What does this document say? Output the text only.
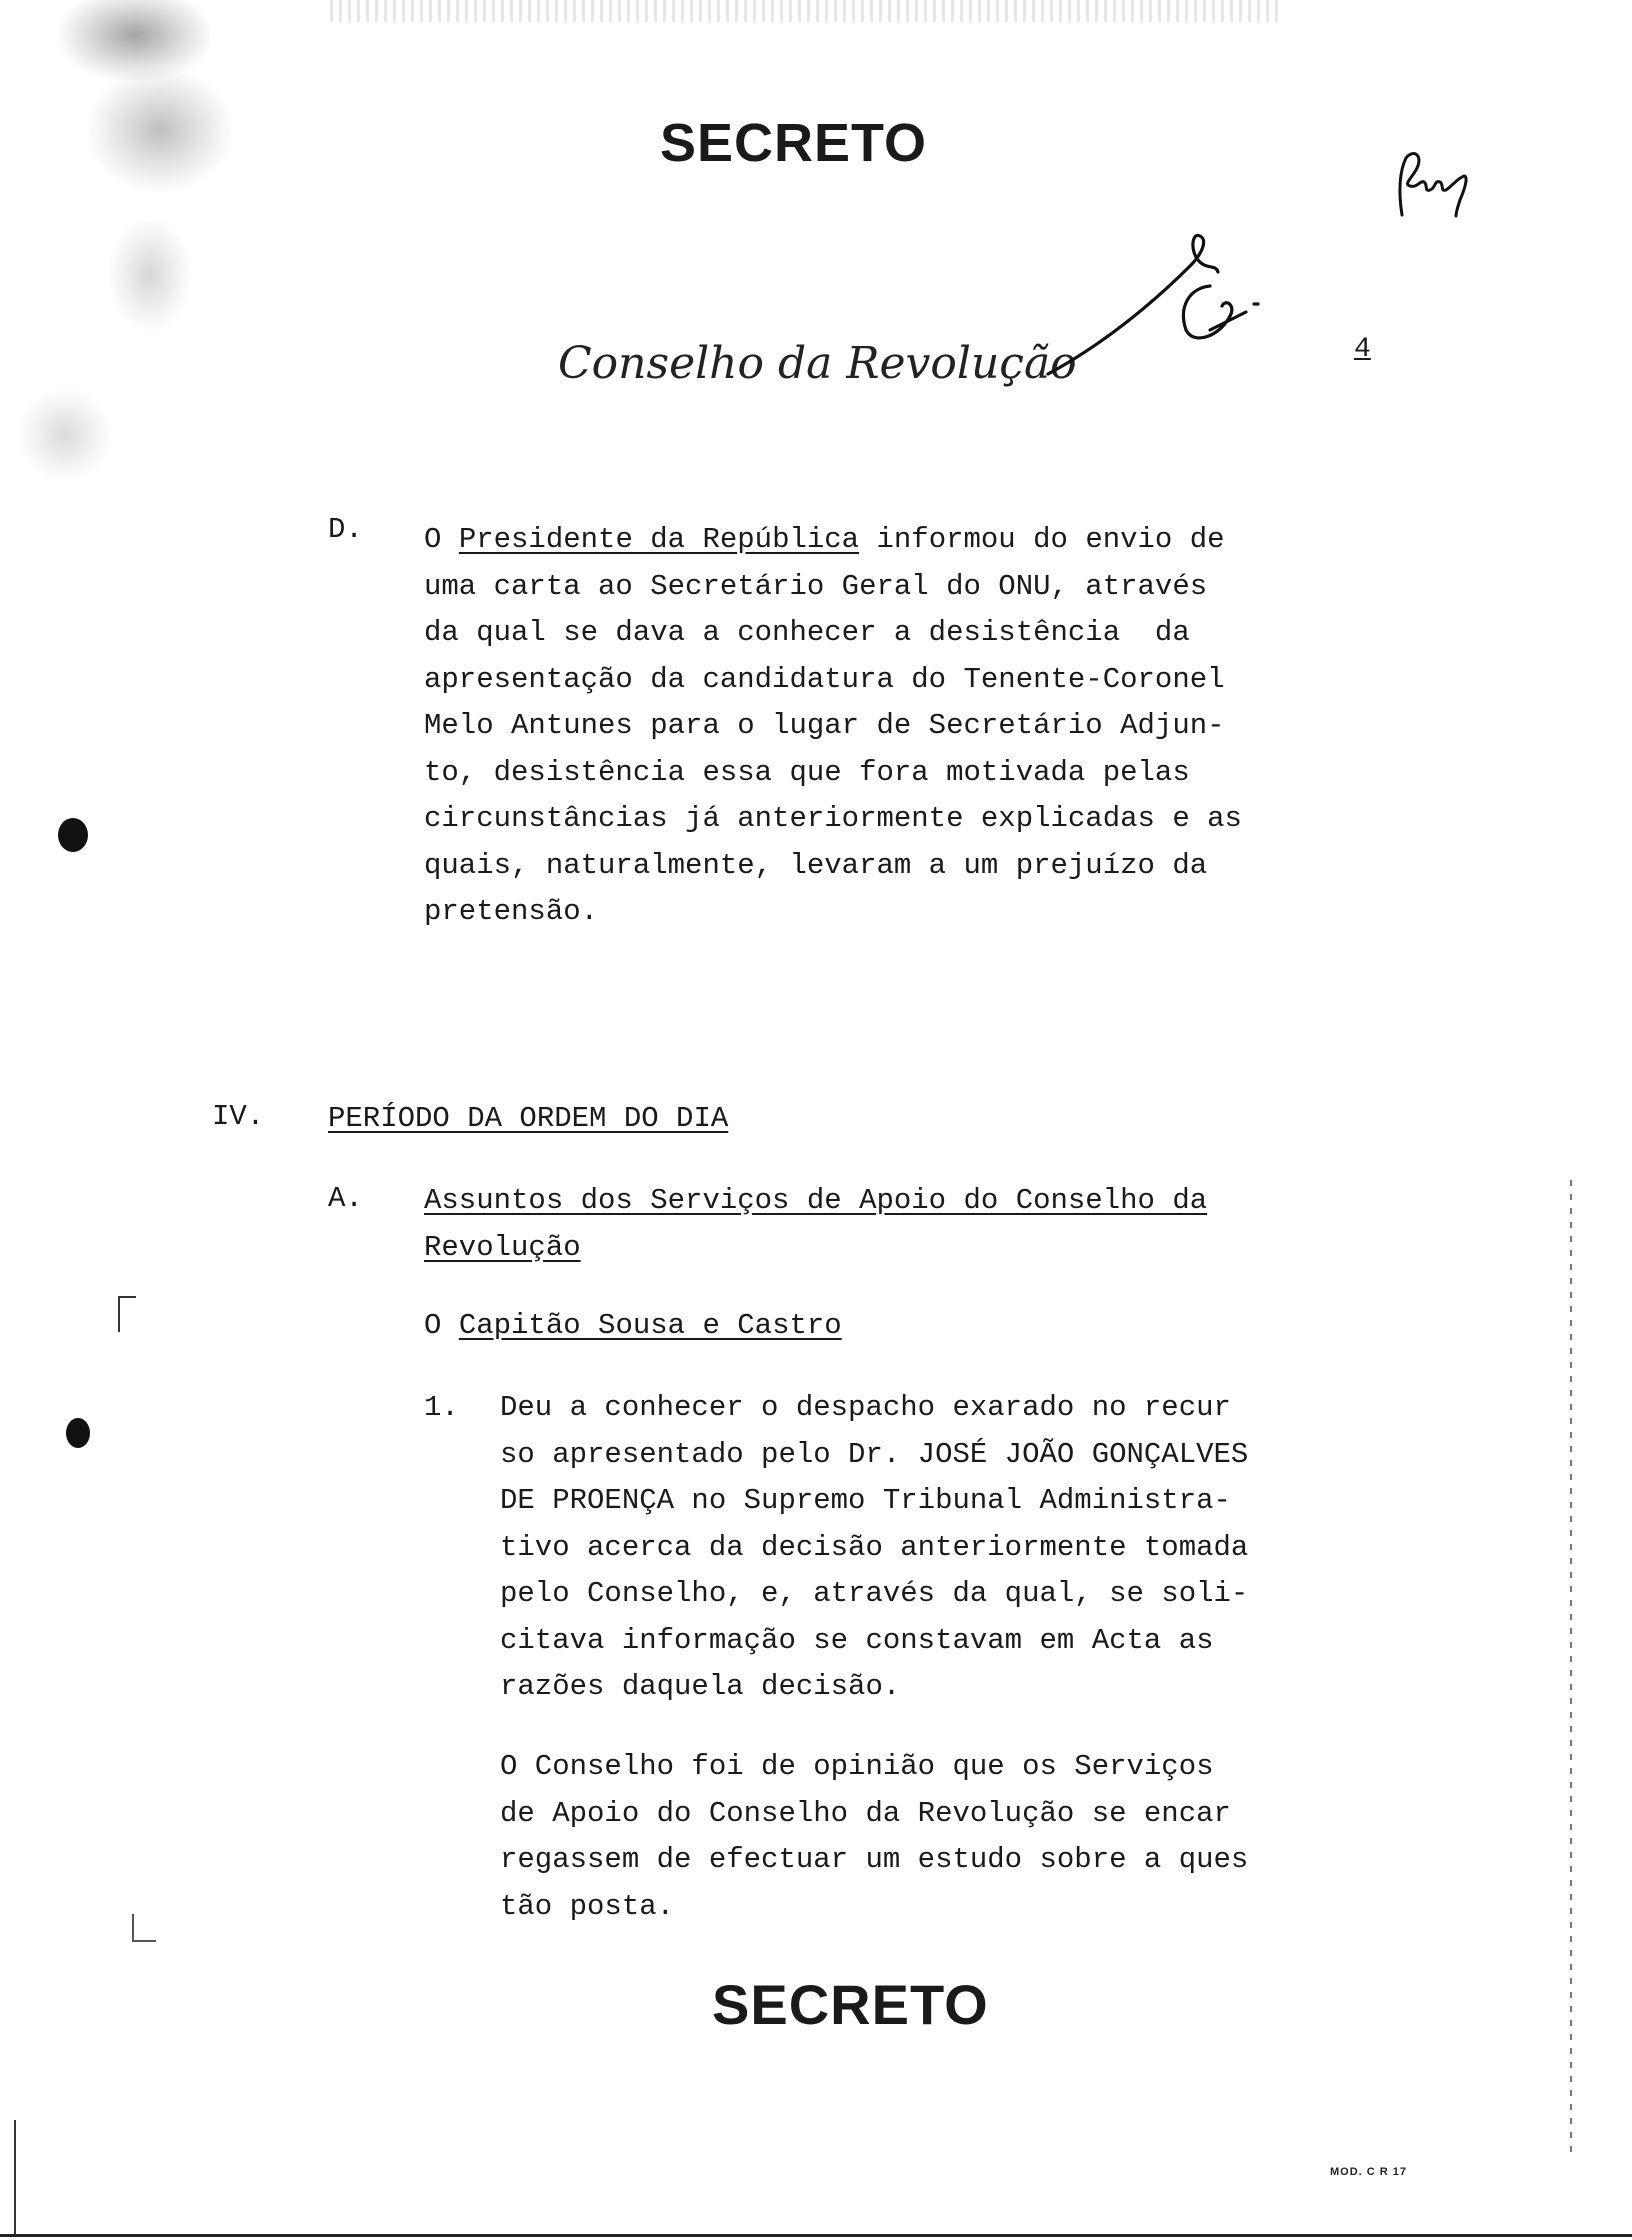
SECRETO
Conselho da Revolução	4
D. O Presidente da República informou do envio de
uma carta ao Secretário Geral do ONU, através
da qual se dava a conhecer a desistência  da
apresentação da candidatura do Tenente-Coronel
Melo Antunes para o lugar de Secretário Adjun-
to, desistência essa que fora motivada pelas
circunstâncias já anteriormente explicadas e as
quais, naturalmente, levaram a um prejuízo da
pretensão.
IV. PERÍODO DA ORDEM DO DIA
A. Assuntos dos Serviços de Apoio do Conselho da
Revolução
O Capitão Sousa e Castro
1. Deu a conhecer o despacho exarado no recur
so apresentado pelo Dr. JOSÉ JOÃO GONÇALVES
DE PROENÇA no Supremo Tribunal Administra-
tivo acerca da decisão anteriormente tomada
pelo Conselho, e, através da qual, se soli-
citava informação se constavam em Acta as
razões daquela decisão.
O Conselho foi de opinião que os Serviços
de Apoio do Conselho da Revolução se encar
regassem de efectuar um estudo sobre a ques
tão posta.
SECRETO
MOD. C R 17
